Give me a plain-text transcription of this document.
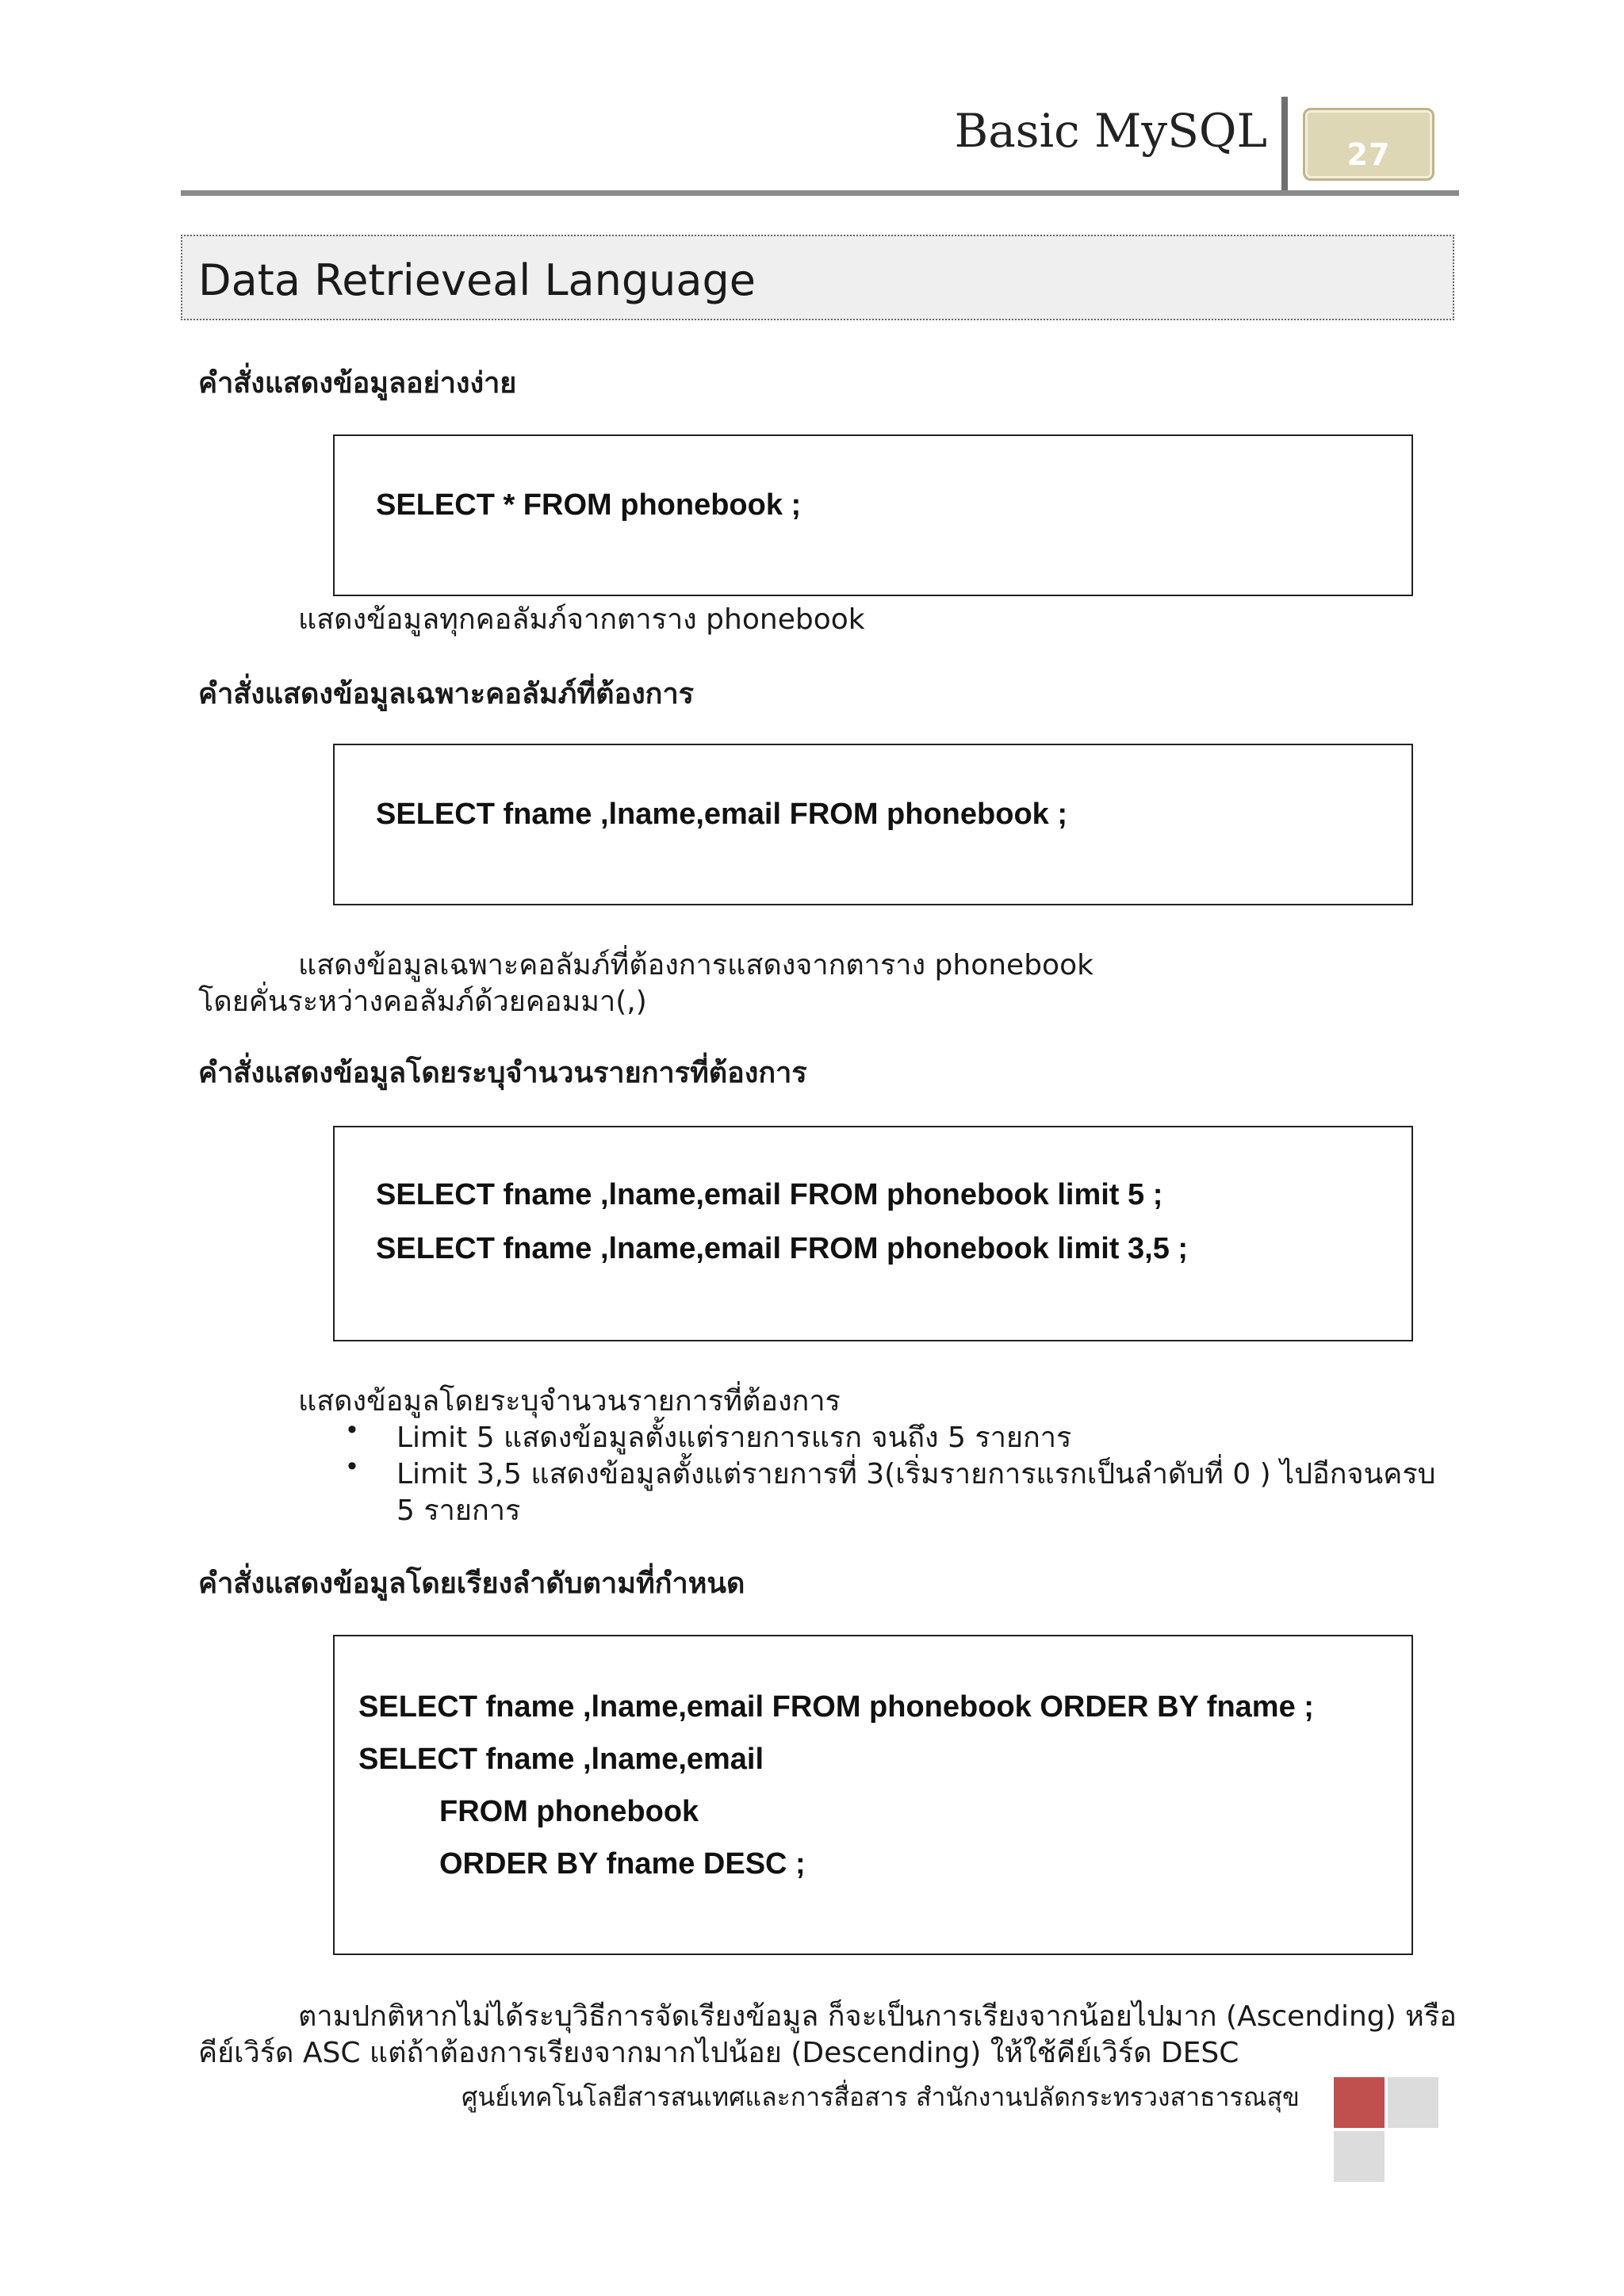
Basic MySQL	27
Data Retrieveal Language
คำสั่งแสดงข้อมูลอย่างง่าย
SELECT * FROM phonebook ;
แสดงข้อมูลทุกคอลัมภ์จากตาราง phonebook
คำสั่งแสดงข้อมูลเฉพาะคอลัมภ์ที่ต้องการ
SELECT fname ,lname,email FROM phonebook ;
แสดงข้อมูลเฉพาะคอลัมภ์ที่ต้องการแสดงจากตาราง phonebook
โดยคั่นระหว่างคอลัมภ์ด้วยคอมมา(,)
คำสั่งแสดงข้อมูลโดยระบุจำนวนรายการที่ต้องการ
SELECT fname ,lname,email FROM phonebook limit 5 ;
SELECT fname ,lname,email FROM phonebook limit 3,5 ;
แสดงข้อมูลโดยระบุจำนวนรายการที่ต้องการ
• Limit 5 แสดงข้อมูลตั้งแต่รายการแรก จนถึง 5 รายการ
• Limit 3,5 แสดงข้อมูลตั้งแต่รายการที่ 3(เริ่มรายการแรกเป็นลำดับที่ 0 ) ไปอีกจนครบ
5 รายการ
คำสั่งแสดงข้อมูลโดยเรียงลำดับตามที่กำหนด
SELECT fname ,lname,email FROM phonebook ORDER BY fname ;
SELECT fname ,lname,email
FROM phonebook
ORDER BY fname DESC ;
ตามปกติหากไม่ได้ระบุวิธีการจัดเรียงข้อมูล ก็จะเป็นการเรียงจากน้อยไปมาก (Ascending) หรือ
คีย์เวิร์ด ASC แต่ถ้าต้องการเรียงจากมากไปน้อย (Descending) ให้ใช้คีย์เวิร์ด DESC
ศูนย์เทคโนโลยีสารสนเทศและการสื่อสาร สำนักงานปลัดกระทรวงสาธารณสุข
